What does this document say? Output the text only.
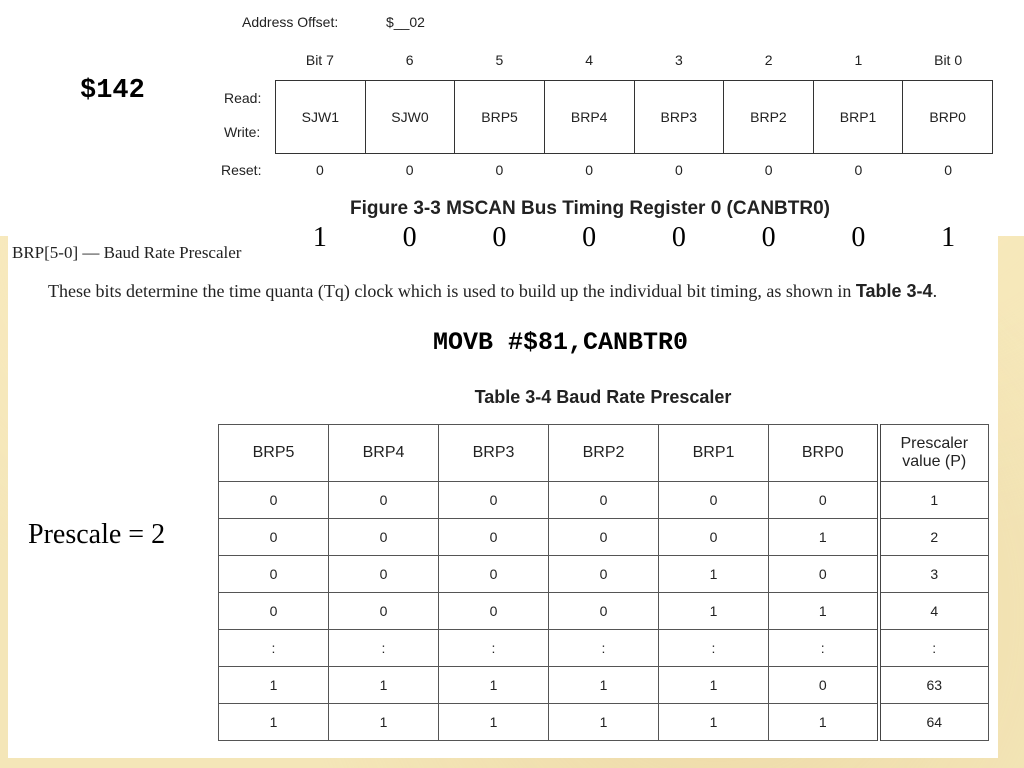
$142
Address Offset:	$__02
Bit 7	6	5	4	3	2	1	Bit 0
Read:
Write:
SJW1	SJW0	BRP5	BRP4	BRP3	BRP2	BRP1	BRP0
Reset:	0	0	0	0	0	0	0	0
Figure 3-3 MSCAN Bus Timing Register 0 (CANBTR0)
1	0	0	0	0	0	0	1
BRP[5-0] — Baud Rate Prescaler
These bits determine the time quanta (Tq) clock which is used to build up the individual bit timing, as shown in Table 3-4.
MOVB #$81,CANBTR0
Table 3-4 Baud Rate Prescaler
Prescale = 2
BRP5	BRP4	BRP3	BRP2	BRP1	BRP0	Prescaler
value (P)
0	0	0	0	0	0	1
0	0	0	0	0	1	2
0	0	0	0	1	0	3
0	0	0	0	1	1	4
:	:	:	:	:	:	:
1	1	1	1	1	0	63
1	1	1	1	1	1	64
